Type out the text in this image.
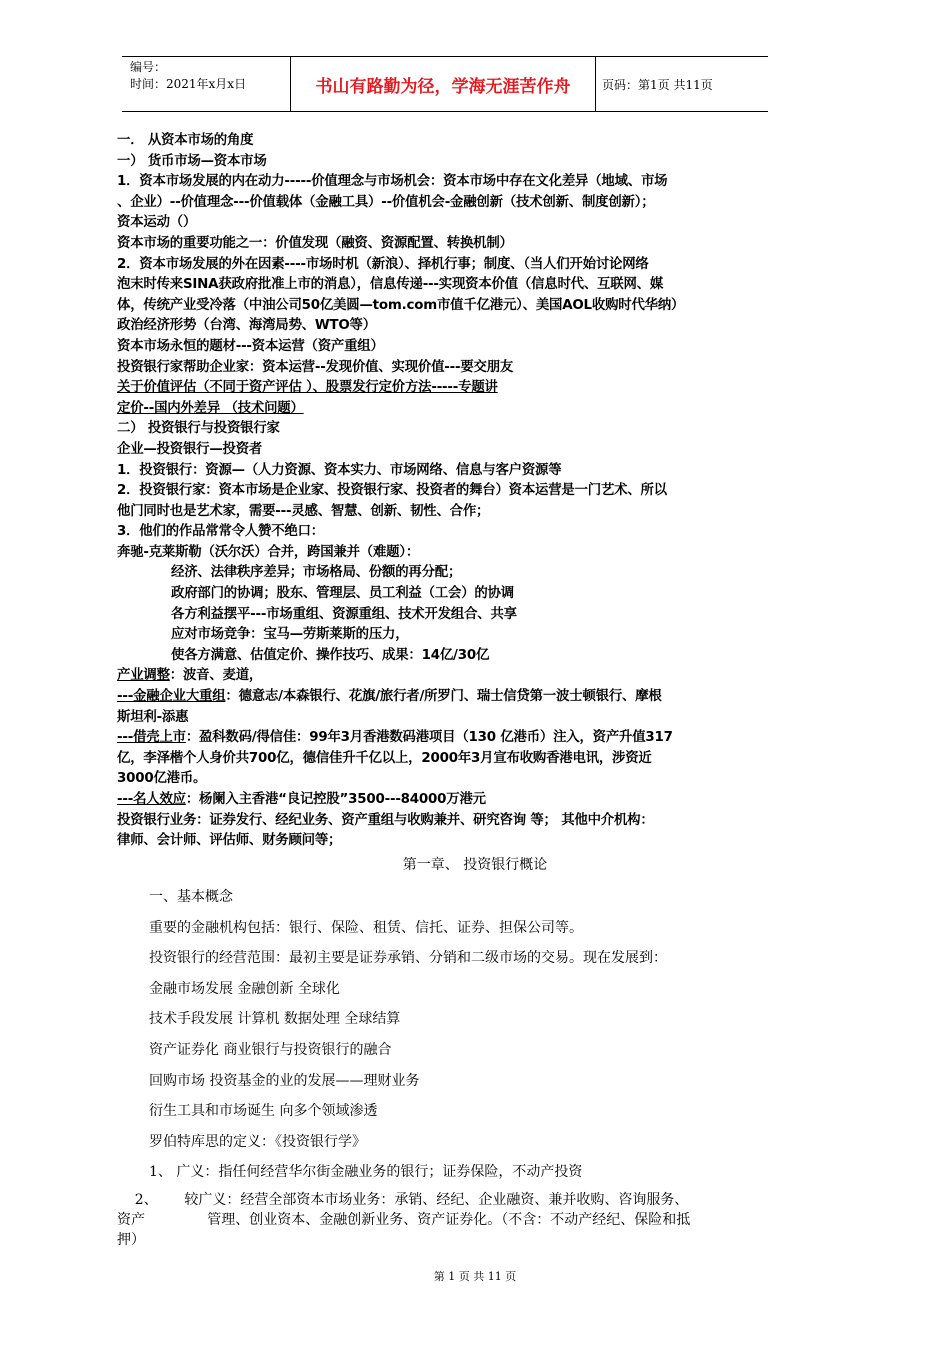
编号：
时间：2021年x月x日	书山有路勤为径，学海无涯苦作舟	页码：第1页 共11页
一． 从资本市场的角度
一） 货币市场—资本市场
1．资本市场发展的内在动力-----价值理念与市场机会：资本市场中存在文化差异（地域、市场
、企业）--价值理念---价值载体（金融工具）--价值机会-金融创新（技术创新、制度创新）；
资本运动（）
资本市场的重要功能之一：价值发现（融资、资源配置、转换机制）
2．资本市场发展的外在因素----市场时机（新浪）、择机行事；制度、（当人们开始讨论网络
泡末时传来SINA获政府批准上市的消息），信息传递---实现资本价值（信息时代、互联网、媒
体，传统产业受冷落（中油公司50亿美圆—tom.com市值千亿港元）、美国AOL收购时代华纳）
政治经济形势（台湾、海湾局势、WTO等）
资本市场永恒的题材---资本运营（资产重组）
投资银行家帮助企业家：资本运营--发现价值、实现价值---要交朋友
关于价值评估（不同于资产评估 ）、股票发行定价方法-----专题讲
定价--国内外差异 （技术问题）
二） 投资银行与投资银行家
企业—投资银行—投资者
1．投资银行：资源—（人力资源、资本实力、市场网络、信息与客户资源等
2．投资银行家：资本市场是企业家、投资银行家、投资者的舞台）资本运营是一门艺术、所以
他门同时也是艺术家，需要---灵感、智慧、创新、韧性、合作；
3．他们的作品常常令人赞不绝口：
奔驰-克莱斯勒（沃尔沃）合并，跨国兼并（难题）：
经济、法律秩序差异；市场格局、份额的再分配；
政府部门的协调；股东、管理层、员工利益（工会）的协调
各方利益摆平---市场重组、资源重组、技术开发组合、共享
应对市场竞争：宝马—劳斯莱斯的压力，
使各方满意、估值定价、操作技巧、成果：14亿/30亿
产业调整：波音、麦道，
---金融企业大重组：德意志/本森银行、花旗/旅行者/所罗门、瑞士信贷第一波士顿银行、摩根
斯坦利-添惠
---借壳上市：盈科数码/得信佳：99年3月香港数码港项目（130 亿港币）注入，资产升值317
亿，李泽楷个人身价共700亿，德信佳升千亿以上，2000年3月宣布收购香港电讯，涉资近
3000亿港币。
---名人效应：杨阑入主香港“良记控股”3500---84000万港元
投资银行业务：证券发行、经纪业务、资产重组与收购兼并、研究咨询 等； 其他中介机构：
律师、会计师、评估师、财务顾问等；
第一章、 投资银行概论
一、基本概念
重要的金融机构包括：银行、保险、租赁、信托、证券、担保公司等。
投资银行的经营范围：最初主要是证券承销、分销和二级市场的交易。现在发展到：
金融市场发展 金融创新 全球化
技术手段发展 计算机 数据处理 全球结算
资产证券化 商业银行与投资银行的融合
回购市场 投资基金的业的发展——理财业务
衍生工具和市场诞生 向多个领域渗透
罗伯特库思的定义：《投资银行学》
1、 广义：指任何经营华尔街金融业务的银行；证券保险，不动产投资
2、      较广义：经营全部资本市场业务：承销、经纪、企业融资、兼并收购、咨询服务、
资产              管理、创业资本、金融创新业务、资产证券化。（不含：不动产经纪、保险和抵
押）
第 1 页 共 11 页
